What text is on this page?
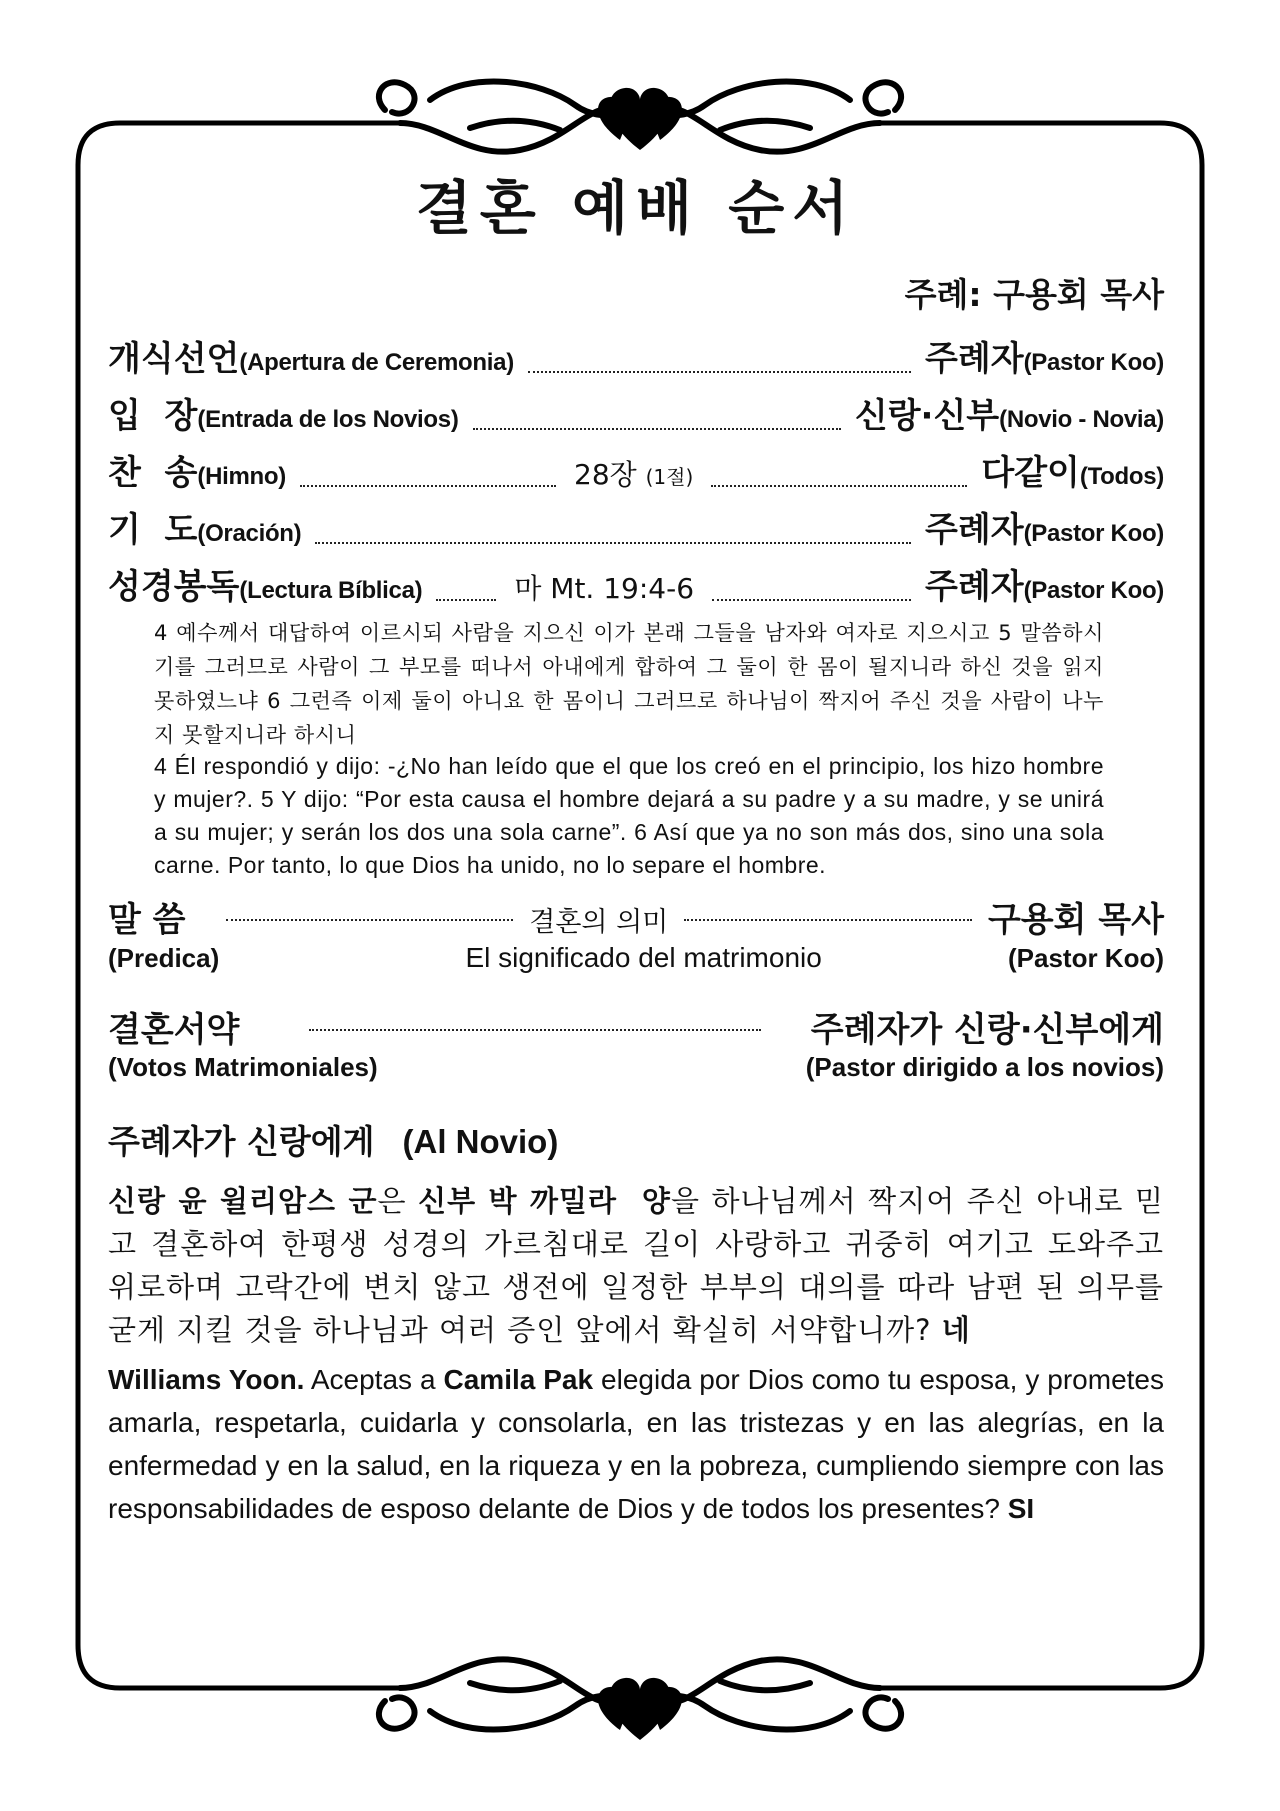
결혼 예배 순서
주례: 구용회 목사
개식선언 (Apertura de Ceremonia)	주례자(Pastor Koo)
입  장 (Entrada de los Novios)	신랑·신부(Novio - Novia)
찬  송 (Himno)	28장 (1절)	다같이(Todos)
기  도 (Oración)	주례자(Pastor Koo)
성경봉독 (Lectura Bíblica)	마 Mt. 19:4-6	주례자(Pastor Koo)

4 예수께서 대답하여 이르시되 사람을 지으신 이가 본래 그들을 남자와 여자로 지으시고 5 말씀하시기를 그러므로 사람이 그 부모를 떠나서 아내에게 합하여 그 둘이 한 몸이 될지니라 하신 것을 읽지 못하였느냐 6 그런즉 이제 둘이 아니요 한 몸이니 그러므로 하나님이 짝지어 주신 것을 사람이 나누지 못할지니라 하시니

4 Él respondió y dijo: -¿No han leído que el que los creó en el principio, los hizo hombre y mujer?. 5 Y dijo: “Por esta causa el hombre dejará a su padre y a su madre, y se unirá a su mujer; y serán los dos una sola carne”. 6 Así que ya no son más dos, sino una sola carne. Por tanto, lo que Dios ha unido, no lo separe el hombre.

말 씀	결혼의 의미	구용회 목사
(Predica)	El significado del matrimonio	(Pastor Koo)
결혼서약	주례자가 신랑·신부에게
(Votos Matrimoniales)	(Pastor dirigido a los novios)
주례자가 신랑에게 (Al Novio)
신랑 윤 윌리암스 군은 신부 박 까밀라  양을 하나님께서 짝지어 주신 아내로 믿고 결혼하여 한평생 성경의 가르침대로 길이 사랑하고 귀중히 여기고 도와주고 위로하며 고락간에 변치 않고 생전에 일정한 부부의 대의를 따라 남편 된 의무를 굳게 지킬 것을 하나님과 여러 증인 앞에서 확실히 서약합니까? 네
Williams Yoon. Aceptas a Camila Pak elegida por Dios como tu esposa, y prometes amarla, respetarla, cuidarla y consolarla, en las tristezas y en las alegrías, en la enfermedad y en la salud, en la riqueza y en la pobreza, cumpliendo siempre con las responsabilidades de esposo delante de Dios y de todos los presentes? SI
